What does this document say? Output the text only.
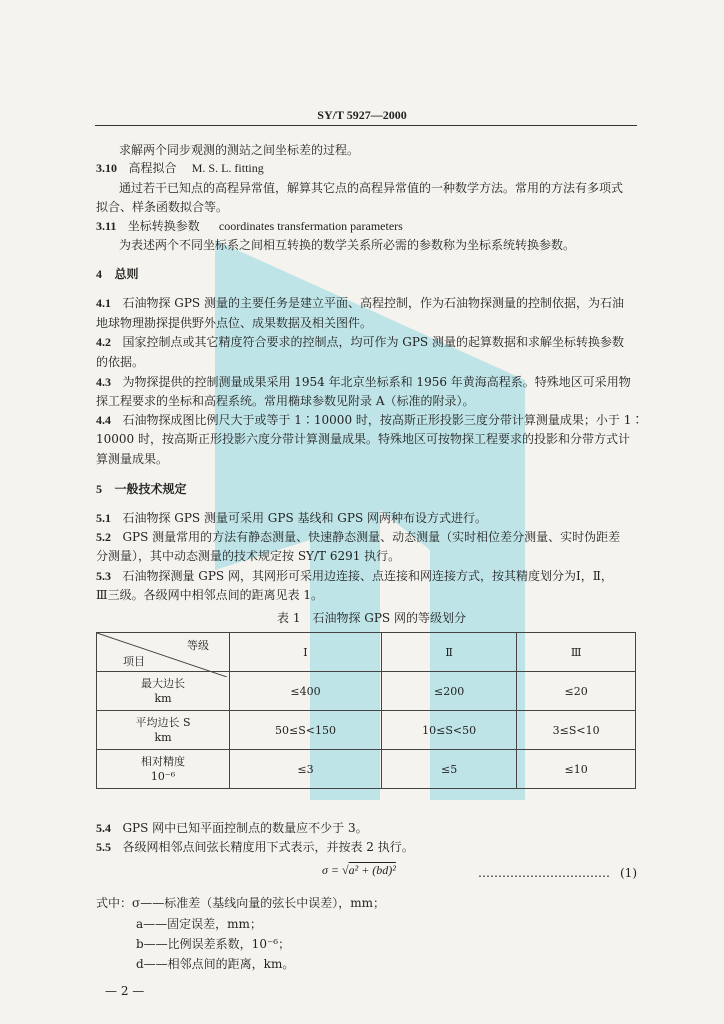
SY/T 5927—2000
求解两个同步观测的测站之间坐标差的过程。
3.10 高程拟合 M. S. L. fitting
通过若干已知点的高程异常值，解算其它点的高程异常值的一种数学方法。常用的方法有多项式
拟合、样条函数拟合等。
3.11 坐标转换参数 coordinates transfermation parameters
为表述两个不同坐标系之间相互转换的数学关系所必需的参数称为坐标系统转换参数。
4 总则
4.1 石油物探 GPS 测量的主要任务是建立平面、高程控制，作为石油物探测量的控制依据，为石油
地球物理勘探提供野外点位、成果数据及相关图件。
4.2 国家控制点或其它精度符合要求的控制点，均可作为 GPS 测量的起算数据和求解坐标转换参数
的依据。
4.3 为物探提供的控制测量成果采用 1954 年北京坐标系和 1956 年黄海高程系。特殊地区可采用物
探工程要求的坐标和高程系统。常用椭球参数见附录 A（标准的附录）。
4.4 石油物探成图比例尺大于或等于 1∶10000 时，按高斯正形投影三度分带计算测量成果；小于 1∶
10000 时，按高斯正形投影六度分带计算测量成果。特殊地区可按物探工程要求的投影和分带方式计
算测量成果。
5 一般技术规定
5.1 石油物探 GPS 测量可采用 GPS 基线和 GPS 网两种布设方式进行。
5.2 GPS 测量常用的方法有静态测量、快速静态测量、动态测量（实时相位差分测量、实时伪距差
分测量），其中动态测量的技术规定按 SY/T 6291 执行。
5.3 石油物探测量 GPS 网，其网形可采用边连接、点连接和网连接方式，按其精度划分为Ⅰ，Ⅱ，
Ⅲ三级。各级网中相邻点间的距离见表 1。
表 1　石油物探 GPS 网的等级划分
等级
项目	Ⅰ	Ⅱ	Ⅲ
最大边长
km	≤400	≤200	≤20
平均边长 S
km	50≤S<150	10≤S<50	3≤S<10
相对精度
10⁻⁶	≤3	≤5	≤10
5.4 GPS 网中已知平面控制点的数量应不少于 3。
5.5 各级网相邻点间弦长精度用下式表示，并按表 2 执行。
σ = √a² + (bd)²	…………………………… (1)
式中：σ——标准差（基线向量的弦长中误差），mm；
a——固定误差，mm；
b——比例误差系数，10⁻⁶；
d——相邻点间的距离，km。
— 2 —
